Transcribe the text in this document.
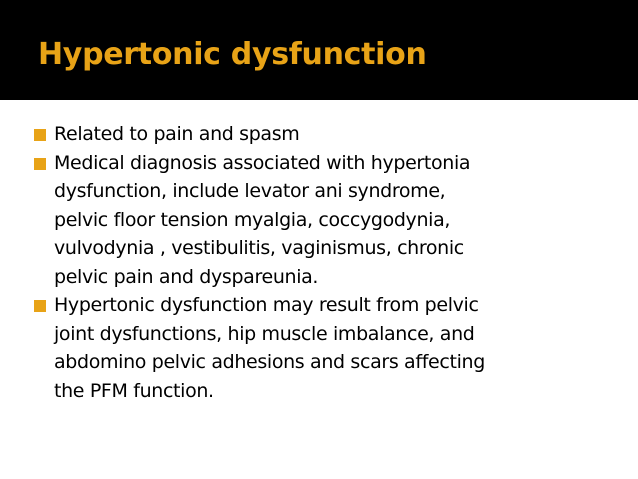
Hypertonic dysfunction
Related to pain and spasm
Medical diagnosis associated with hypertonia
dysfunction, include levator ani syndrome,
pelvic floor tension myalgia, coccygodynia,
vulvodynia , vestibulitis, vaginismus, chronic
pelvic pain and dyspareunia.
Hypertonic dysfunction may result from pelvic
joint dysfunctions, hip muscle imbalance, and
abdomino pelvic adhesions and scars affecting
the PFM function.
